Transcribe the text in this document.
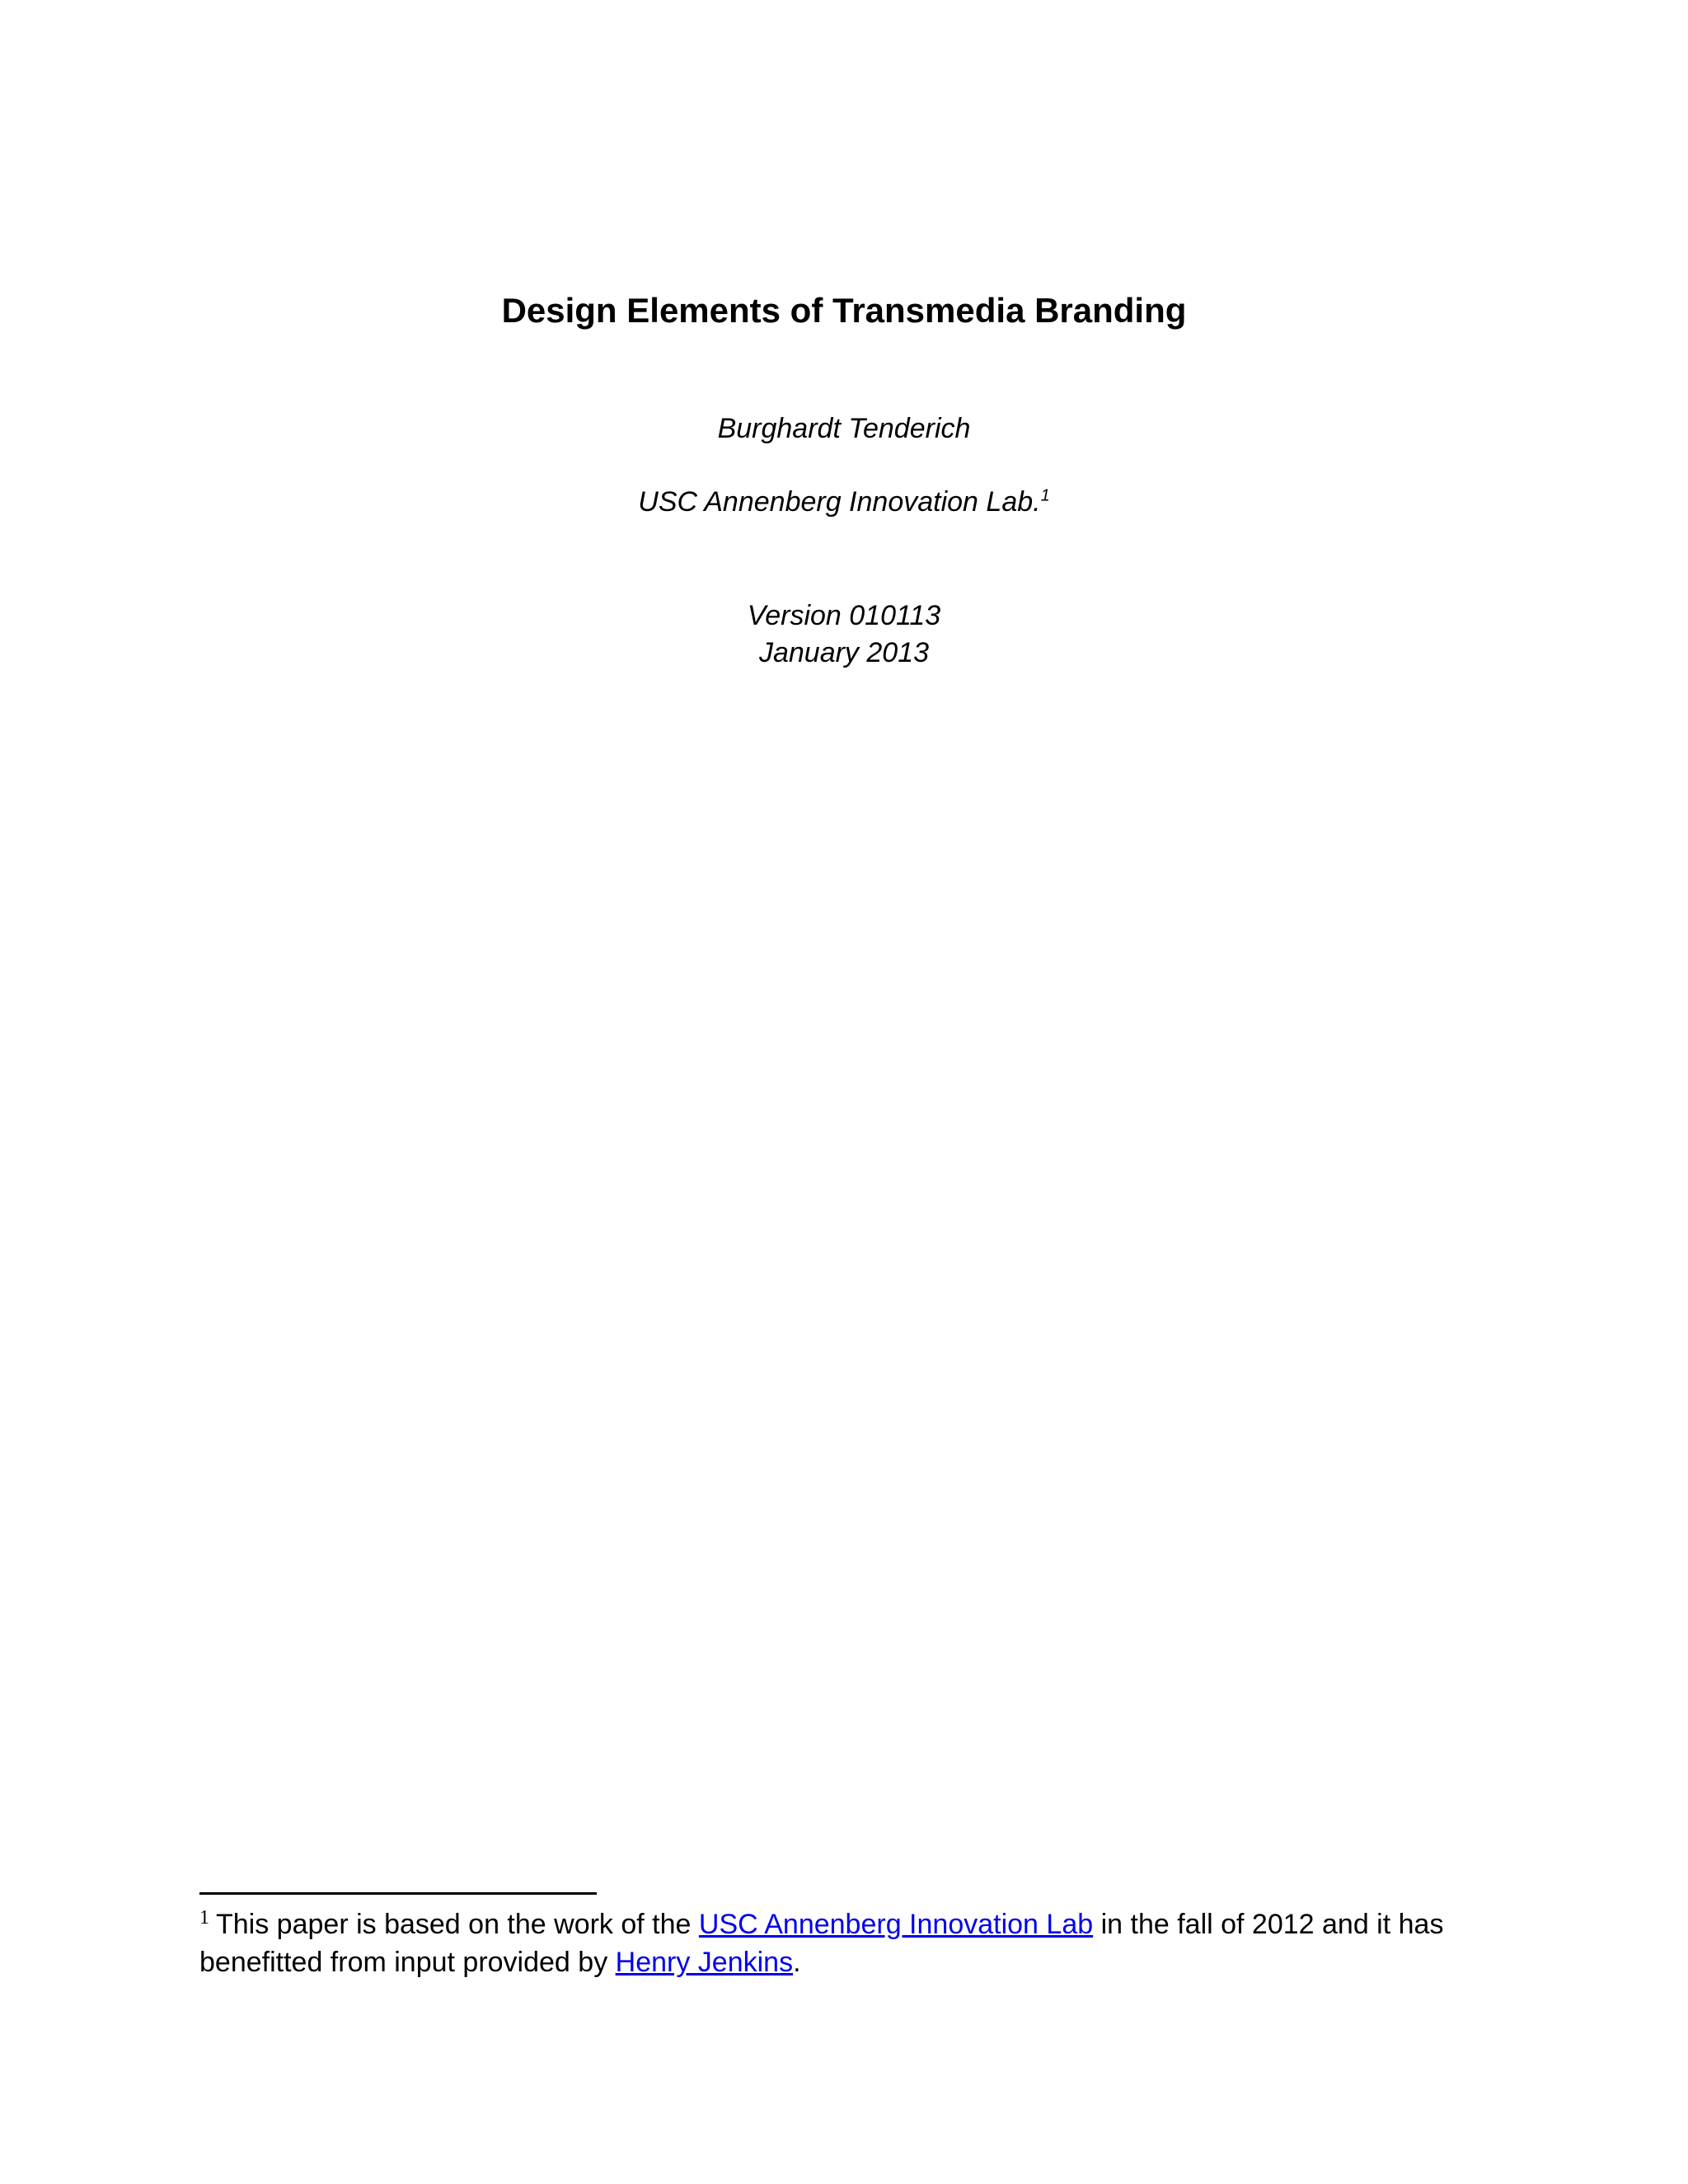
Design Elements of Transmedia Branding
Burghardt Tenderich
USC Annenberg Innovation Lab.$^1$
Version 010113
January 2013
$^1$ This paper is based on the work of the USC Annenberg Innovation Lab in the fall of 2012 and it has benefitted from input provided by Henry Jenkins.
